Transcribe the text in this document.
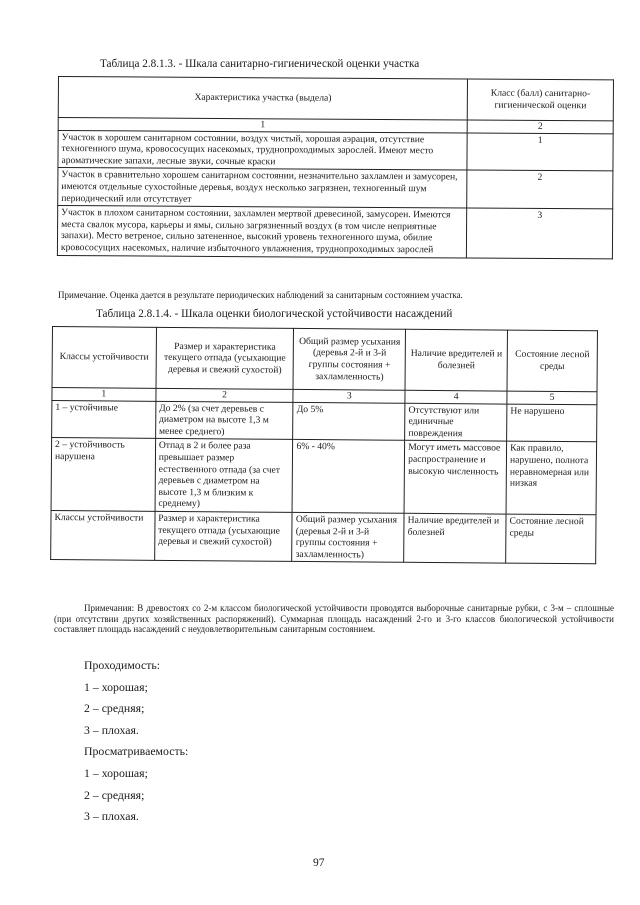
Таблица 2.8.1.3. - Шкала санитарно-гигиенической оценки участка
Характеристика участка (выдела)	Класс (балл) санитарно-гигиенической оценки
1	2
Участок в хорошем санитарном состоянии, воздух чистый, хорошая аэрация, отсутствие техногенного шума, кровососущих насекомых, труднопроходимых зарослей. Имеют место ароматические запахи, лесные звуки, сочные краски	1
Участок в сравнительно хорошем санитарном состоянии, незначительно захламлен и замусорен, имеются отдельные сухостойные деревья, воздух несколько загрязнен, техногенный шум периодический или отсутствует	2
Участок в плохом санитарном состоянии, захламлен мертвой древесиной, замусорен. Имеются места свалок мусора, карьеры и ямы, сильно загрязненный воздух (в том числе неприятные запахи). Место ветреное, сильно затененное, высокий уровень техногенного шума, обилие кровососущих насекомых, наличие избыточного увлажнения, труднопроходимых зарослей	3
Примечание. Оценка дается в результате периодических наблюдений за санитарным состоянием участка.
Таблица 2.8.1.4. - Шкала оценки биологической устойчивости насаждений
Классы устойчивости	Размер и характеристика текущего отпада (усыхающие деревья и свежий сухостой)	Общий размер усыхания (деревья 2-й и 3-й группы состояния + захламленность)	Наличие вредителей и болезней	Состояние лесной среды
1	2	3	4	5
1 – устойчивые	До 2% (за счет деревьев с диаметром на высоте 1,3 м менее среднего)	До 5%	Отсутствуют или единичные повреждения	Не нарушено
2 – устойчивость нарушена	Отпад в 2 и более раза превышает размер естественного отпада (за счет деревьев с диаметром на высоте 1,3 м близким к среднему)	6% - 40%	Могут иметь массовое распространение и высокую численность	Как правило, нарушено, полнота неравномерная или низкая
Классы устойчивости	Размер и характеристика текущего отпада (усыхающие деревья и свежий сухостой)	Общий размер усыхания (деревья 2-й и 3-й группы состояния + захламленность)	Наличие вредителей и болезней	Состояние лесной среды
Примечания: В древостоях со 2-м классом биологической устойчивости проводятся выборочные санитарные рубки, с 3-м – сплошные (при отсутствии других хозяйственных распоряжений). Суммарная площадь насаждений 2-го и 3-го классов биологической устойчивости составляет площадь насаждений с неудовлетворительным санитарным состоянием.
Проходимость:
1 – хорошая;
2 – средняя;
3 – плохая.
Просматриваемость:
1 – хорошая;
2 – средняя;
3 – плохая.
97
